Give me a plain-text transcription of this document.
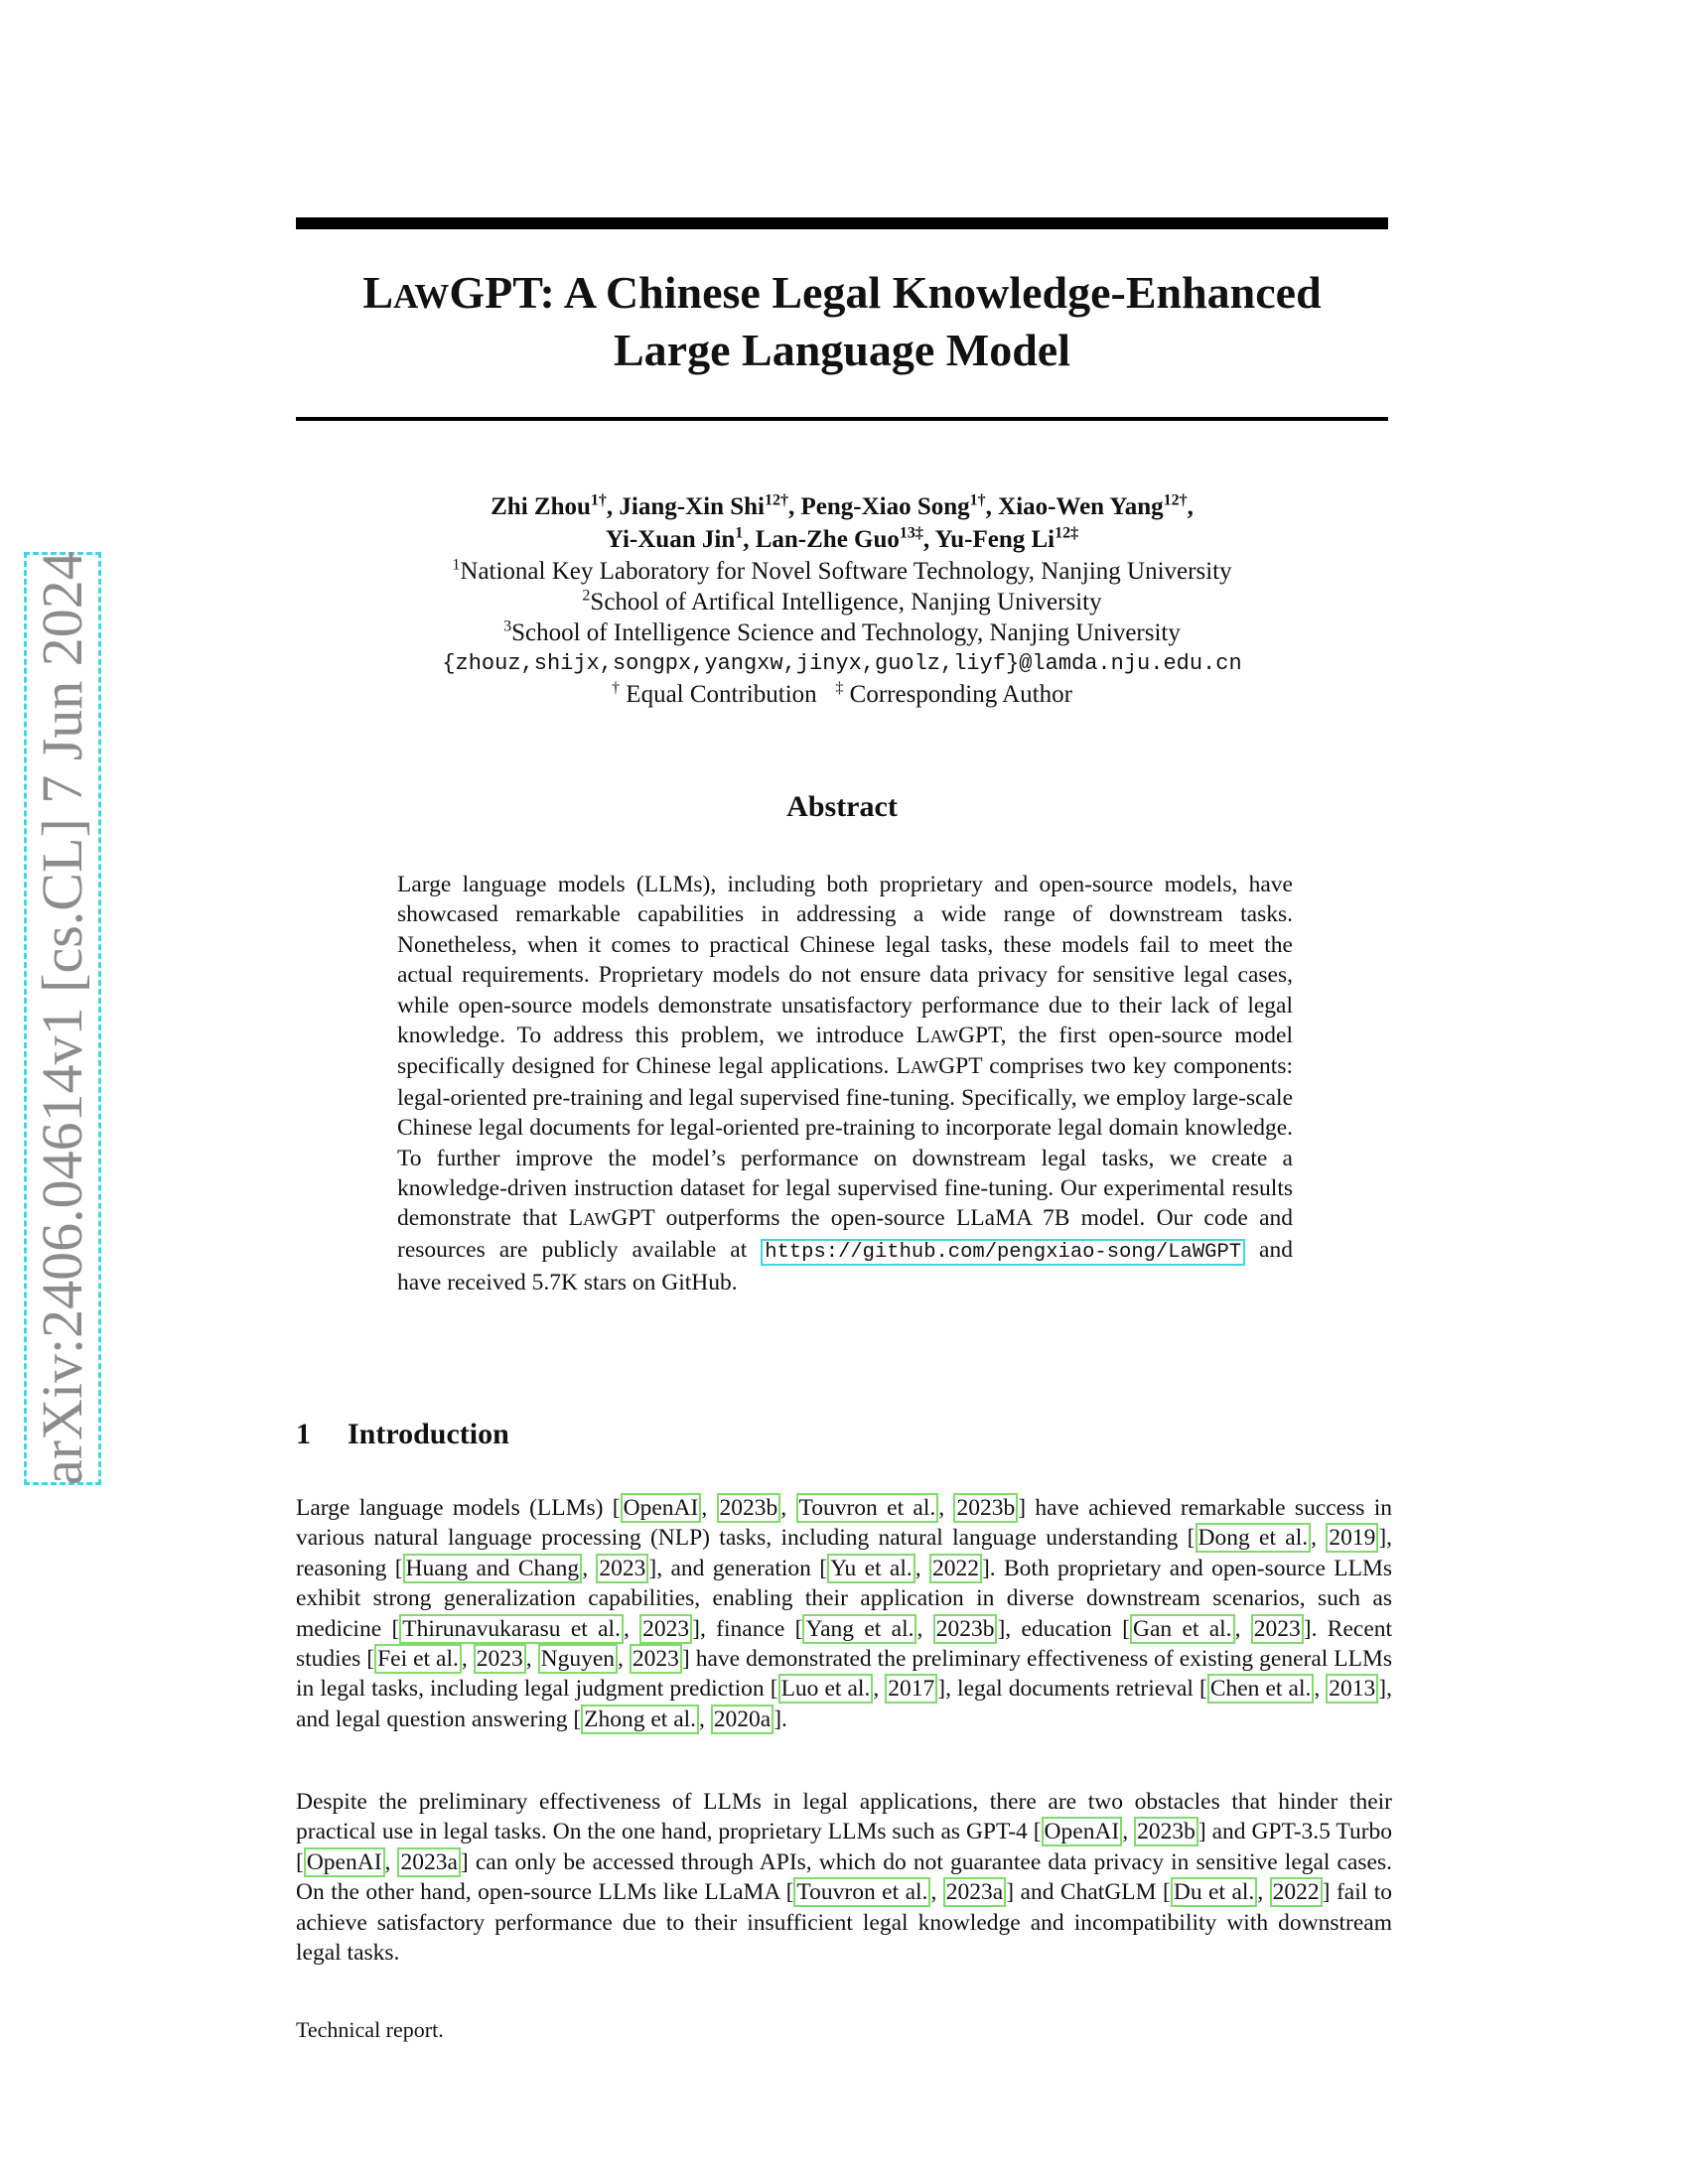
LAWGPT: A Chinese Legal Knowledge-Enhanced
Large Language Model
Zhi Zhou$^{1\dagger}$, Jiang-Xin Shi$^{12\dagger}$, Peng-Xiao Song$^{1\dagger}$, Xiao-Wen Yang$^{12\dagger}$,
Yi-Xuan Jin$^1$, Lan-Zhe Guo$^{13\ddagger}$, Yu-Feng $Li^{12\ddagger}$
$^1$National Key Laboratory for Novel Software Technology, Nanjing University
$^2$School of Artifical Intelligence, Nanjing University
$^3$School of Intelligence Science and Technology, Nanjing University
{zhouz,shijx,songpx,yangxw,jinyx,guolz,liyf}@lamda.nju.edu.cn
† Equal Contribution ‡ Corresponding Author
Abstract

Large language models (LLMs), including both proprietary and open-source models, have showcased remarkable capabilities in addressing a wide range of downstream tasks. Nonetheless, when it comes to practical Chinese legal tasks, these models fail to meet the actual requirements. Proprietary models do not ensure data privacy for sensitive legal cases, while open-source models demonstrate unsatisfactory performance due to their lack of legal knowledge. To address this problem, we introduce LAWGPT, the first open-source model specifically designed for Chinese legal applications. LAWGPT comprises two key components: legal-oriented pre-training and legal supervised fine-tuning. Specifically, we employ large-scale Chinese legal documents for legal-oriented pre-training to incorporate legal domain knowledge. To further improve the model’s performance on downstream legal tasks, we create a knowledge-driven instruction dataset for legal supervised fine-tuning. Our experimental results demonstrate that LAWGPT outperforms the open-source LLaMA 7B model. Our code and resources are publicly available at https://github.com/pengxiao-song/LaWGPT and have received 5.7K stars on GitHub.

1 Introduction

Large language models (LLMs) [ OpenAI , 2023b , Touvron et al. , 2023b ] have achieved remarkable success in various natural language processing (NLP) tasks, including natural language understanding [ Dong et al. , 2019 ], reasoning [ Huang and Chang , 2023 ], and generation [ Yu et al. , 2022 ]. Both proprietary and open-source LLMs exhibit strong generalization capabilities, enabling their application in diverse downstream scenarios, such as medicine [ Thirunavukarasu et al. , 2023 ], finance [ Yang et al. , 2023b ], education [ Gan et al. , 2023 ]. Recent studies [ Fei et al. , 2023 , Nguyen , 2023 ] have demonstrated the preliminary effectiveness of existing general LLMs in legal tasks, including legal judgment prediction [ Luo et al. , 2017 ], legal documents retrieval [ Chen et al. , 2013 ], and legal question answering [ Zhong et al. , 2020a ].

Despite the preliminary effectiveness of LLMs in legal applications, there are two obstacles that hinder their practical use in legal tasks. On the one hand, proprietary LLMs such as GPT-4 [ OpenAI , 2023b ] and GPT-3.5 Turbo [ OpenAI , 2023a ] can only be accessed through APIs, which do not guarantee data privacy in sensitive legal cases. On the other hand, open-source LLMs like LLaMA [ Touvron et al. , 2023a ] and ChatGLM [ Du et al. , 2022 ] fail to achieve satisfactory performance due to their insufficient legal knowledge and incompatibility with downstream legal tasks.

Technical report.

arXiv:2406.04614v1 [cs.CL] 7 Jun 2024
